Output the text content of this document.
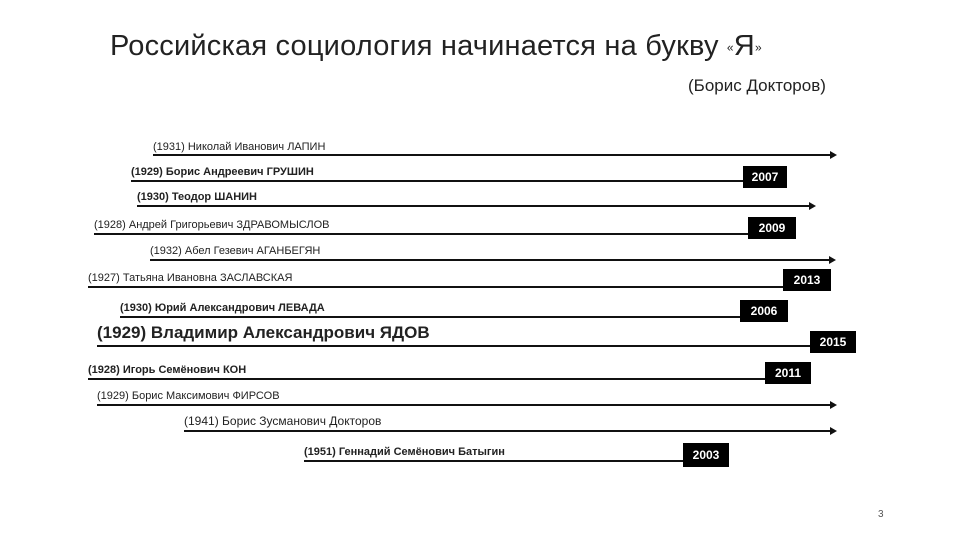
Российская социология начинается на букву «Я»
(Борис Докторов)
(1931) Николай Иванович ЛАПИН
(1929) Борис Андреевич ГРУШИН	2007
(1930) Теодор ШАНИН
(1928) Андрей Григорьевич ЗДРАВОМЫСЛОВ	2009
(1932) Абел Гезевич АГАНБЕГЯН
(1927) Татьяна Ивановна ЗАСЛАВСКАЯ	2013
(1930) Юрий Александрович ЛЕВАДА	2006
(1929) Владимир Александрович ЯДОВ	2015
(1928) Игорь Семёнович КОН	2011
(1929) Борис Максимович ФИРСОВ
(1941) Борис Зусманович Докторов
(1951) Геннадий Семёнович Батыгин	2003
3
